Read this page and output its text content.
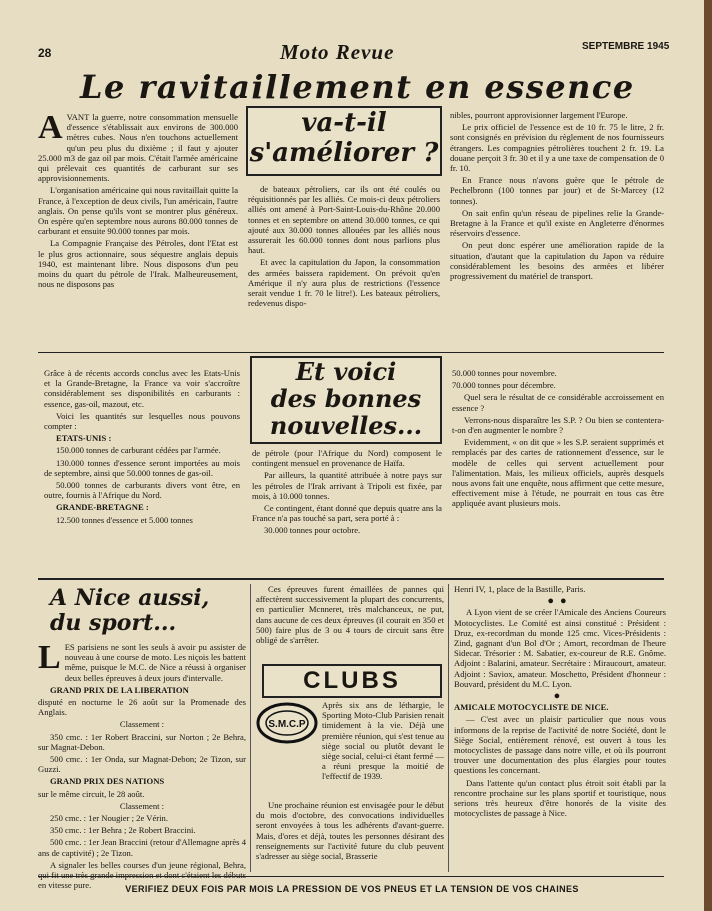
28	Moto Revue	SEPTEMBRE 1945
Le ravitaillement en essence

AVANT la guerre, notre consommation mensuelle d'essence s'établissait aux environs de 300.000 mètres cubes. Nous n'en touchons actuellement qu'un peu plus du dixième ; il faut y ajouter 25.000 m3 de gaz oil par mois. C'était l'armée américaine qui prélevait ces quantités de carburant sur ses approvisionnements.

L'organisation américaine qui nous ravitaillait quitte la France, à l'exception de deux civils, l'un américain, l'autre anglais. On pense qu'ils vont se montrer plus généreux. On espère qu'en septembre nous aurons 80.000 tonnes de carburant et ensuite 90.000 tonnes par mois.

La Compagnie Française des Pétroles, dont l'Etat est le plus gros actionnaire, sous séquestre anglais depuis 1940, est maintenant libre. Nous disposons d'un peu moins du quart du pétrole de l'Irak. Malheureusement, nous ne disposons pas

va-t-il
s'améliorer ?

de bateaux pétroliers, car ils ont été coulés ou réquisitionnés par les alliés. Ce mois-ci deux pétroliers alliés ont amené à Port-Saint-Louis-du-Rhône 20.000 tonnes et en septembre on attend 30.000 tonnes, ce qui ajouté aux 30.000 tonnes allouées par les alliés nous assurerait les 60.000 tonnes dont nous parlions plus haut.

Et avec la capitulation du Japon, la consommation des armées baissera rapidement. On prévoit qu'en Amérique il n'y aura plus de restrictions (l'essence serait vendue 1 fr. 70 le litre!). Les bateaux pétroliers, redevenus dispo-

nibles, pourront approvisionner largement l'Europe.

Le prix officiel de l'essence est de 10 fr. 75 le litre, 2 fr. sont consignés en prévision du règlement de nos fournisseurs étrangers. Les compagnies pétrolières touchent 2 fr. 19. La douane perçoit 3 fr. 30 et il y a une taxe de compensation de 0 fr. 10.

En France nous n'avons guère que le pétrole de Pechelbronn (100 tonnes par jour) et de St-Marcey (12 tonnes).

On sait enfin qu'un réseau de pipelines relie la Grande-Bretagne à la France et qu'il existe en Angleterre d'énormes réservoirs d'essence.

On peut donc espérer une amélioration rapide de la situation, d'autant que la capitulation du Japon va réduire considérablement les besoins des armées et libérer progressivement du matériel de transport.

Grâce à de récents accords conclus avec les Etats-Unis et la Grande-Bretagne, la France va voir s'accroître considérablement ses disponibilités en carburants : essence, gas-oil, mazout, etc.

Voici les quantités sur lesquelles nous pouvons compter :

ETATS-UNIS :

150.000 tonnes de carburant cédées par l'armée.

130.000 tonnes d'essence seront importées au mois de septembre, ainsi que 50.000 tonnes de gas-oil.

50.000 tonnes de carburants divers vont être, en outre, fournis à l'Afrique du Nord.

GRANDE-BRETAGNE :

12.500 tonnes d'essence et 5.000 tonnes

Et voici
des bonnes
nouvelles...

de pétrole (pour l'Afrique du Nord) composent le contingent mensuel en provenance de Haïfa.

Par ailleurs, la quantité attribuée à notre pays sur les pétroles de l'Irak arrivant à Tripoli est fixée, par mois, à 10.000 tonnes.

Ce contingent, étant donné que depuis quatre ans la France n'a pas touché sa part, sera porté à :

30.000 tonnes pour octobre.

50.000 tonnes pour novembre.

70.000 tonnes pour décembre.

Quel sera le résultat de ce considérable accroissement en essence ?

Verrons-nous disparaître les S.P. ? Ou bien se contentera-t-on d'en augmenter le nombre ?

Evidemment, « on dit que » les S.P. seraient supprimés et remplacés par des cartes de rationnement d'essence, sur le modèle de celles qui servent actuellement pour l'alimentation. Mais, les milieux officiels, auprès desquels nous avons fait une enquête, nous affirment que cette mesure, effectivement mise à l'étude, ne pourrait en tous cas être appliquée avant plusieurs mois.

A Nice aussi,
du sport...

LES parisiens ne sont les seuls à avoir pu assister de nouveau à une course de moto. Les niçois les battent même, puisque le M.C. de Nice a réussi à organiser deux belles épreuves à deux jours d'intervalle.

GRAND PRIX DE LA LIBERATION

disputé en nocturne le 26 août sur la Promenade des Anglais.

Classement :

350 cmc. : 1er Robert Braccini, sur Norton ; 2e Behra, sur Magnat-Debon.

500 cmc. : 1er Onda, sur Magnat-Debon; 2e Tizon, sur Guzzi.

GRAND PRIX DES NATIONS

sur le même circuit, le 28 août.

Classement :

250 cmc. : 1er Nougier ; 2e Vérin.

350 cmc. : 1er Behra ; 2e Robert Braccini.

500 cmc. : 1er Jean Braccini (retour d'Allemagne après 4 ans de captivité) ; 2e Tizon.

A signaler les belles courses d'un jeune régional, Behra, en vitesse pure.

Ces épreuves furent émaillées de pannes qui affectèrent successivement la plupart des concurrents, en particulier Mcnneret, très malchanceux, ne put, dans aucune de ces deux épreuves (il courait en 350 et 500) faire plus de 3 ou 4 tours de circuit sans être obligé de s'arrêter.

CLUBS
S.M.C.P

Après six ans de léthargie, le Sporting Moto-Club Parisien renait timidement à la vie. Déjà une première réunion, qui s'est tenue au siège social ou plutôt devant le siège social, celui-ci étant fermé — a réuni presque la moitié de l'effectif de 1939.

Une prochaine réunion est envisagée pour le début du mois d'octobre, des convocations individuelles seront envoyées à tous les adhérents d'avant-guerre. Mais, d'ores et déjà, toutes les personnes désirant des renseignements sur l'activité future du club peuvent s'adresser au siège social, Brasserie

Henri IV, 1, place de la Bastille, Paris.

●●

A Lyon vient de se créer l'Amicale des Anciens Coureurs Motocyclistes. Le Comité est ainsi constitué : Président : Druz, ex-recordman du monde 125 cmc. Vices-Présidents : Zind, gagnant d'un Bol d'Or ; Amort, recordman de l'heure Sidecar. Trésorier : M. Sabatier, ex-coureur de R.E. Gnôme. Adjoint : Balarini, amateur. Secrétaire : Miraucourt, amateur. Adjoint : Saviox, amateur. Moschetto, Président d'honneur : Bouvard, président du M.C. Lyon.

●

AMICALE MOTOCYCLISTE DE NICE.

— C'est avec un plaisir particulier que nous vous informons de la reprise de l'activité de notre Société, dont le Siège Social, entièrement rénové, est ouvert à tous les motocyclistes de passage dans notre ville, et où ils pourront trouver une documentation des plus élargies pour toutes questions les concernant.

Dans l'attente qu'un contact plus étroit soit établi par la rencontre prochaine sur les plans sportif et touristique, nous serions très heureux d'être honorés de la visite des motocyclistes de passage à Nice.

VERIFIEZ DEUX FOIS PAR MOIS LA PRESSION DE VOS PNEUS ET LA TENSION DE VOS CHAINES
